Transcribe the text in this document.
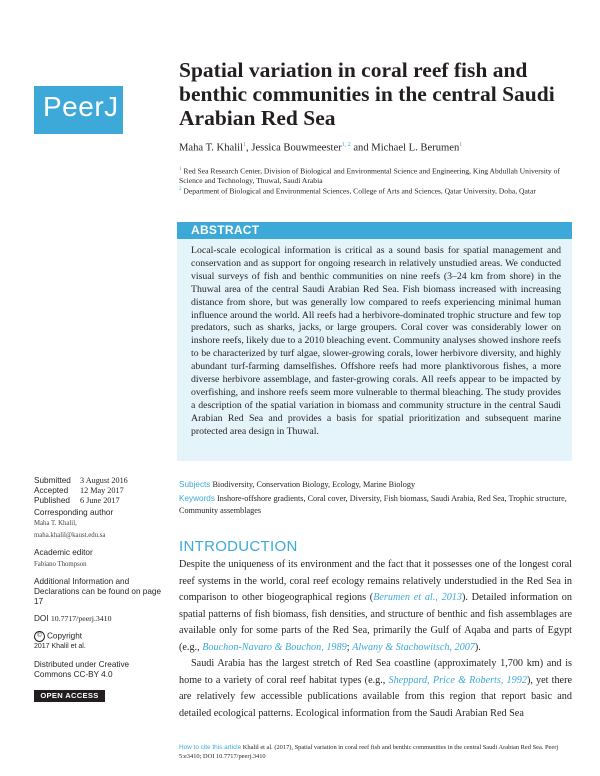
PeerJ
Spatial variation in coral reef fish and benthic communities in the central Saudi Arabian Red Sea
Maha T. Khalil$^1$, Jessica Bouwmeester$^{1, 2}$ and Michael L. Berumen$^1$
$^1$ Red Sea Research Center, Division of Biological and Environmental Science and Engineering, King Abdullah University of Science and Technology, Thuwal, Saudi Arabia
$^2$ Department of Biological and Environmental Sciences, College of Arts and Sciences, Qatar University, Doha, Qatar
ABSTRACT
Local-scale ecological information is critical as a sound basis for spatial management and conservation and as support for ongoing research in relatively unstudied areas. We conducted visual surveys of fish and benthic communities on nine reefs (3–24 km from shore) in the Thuwal area of the central Saudi Arabian Red Sea. Fish biomass increased with increasing distance from shore, but was generally low compared to reefs experiencing minimal human influence around the world. All reefs had a herbivore-dominated trophic structure and few top predators, such as sharks, jacks, or large groupers. Coral cover was considerably lower on inshore reefs, likely due to a 2010 bleaching event. Community analyses showed inshore reefs to be characterized by turf algae, slower-growing corals, lower herbivore diversity, and highly abundant turf-farming damselfishes. Offshore reefs had more planktivorous fishes, a more diverse herbivore assemblage, and faster-growing corals. All reefs appear to be impacted by overfishing, and inshore reefs seem more vulnerable to thermal bleaching. The study provides a description of the spatial variation in biomass and community structure in the central Saudi Arabian Red Sea and provides a basis for spatial prioritization and subsequent marine protected area design in Thuwal.
Subjects Biodiversity, Conservation Biology, Ecology, Marine Biology
Keywords Inshore-offshore gradients, Coral cover, Diversity, Fish biomass, Saudi Arabia, Red Sea, Trophic structure, Community assemblages
Submitted 3 August 2016
Accepted 12 May 2017
Published 6 June 2017
Corresponding author
Maha T. Khalil,
maha.khalil@kaust.edu.sa
Academic editor
Fabiano Thompson
Additional Information and Declarations can be found on page 17
DOI 10.7717/peerj.3410
© Copyright
2017 Khalil et al.
Distributed under Creative Commons CC-BY 4.0
OPEN ACCESS
INTRODUCTION
Despite the uniqueness of its environment and the fact that it possesses one of the longest coral reef systems in the world, coral reef ecology remains relatively understudied in the Red Sea in comparison to other biogeographical regions (Berumen et al., 2013). Detailed information on spatial patterns of fish biomass, fish densities, and structure of benthic and fish assemblages are available only for some parts of the Red Sea, primarily the Gulf of Aqaba and parts of Egypt (e.g., Bouchon-Navaro & Bouchon, 1989; Alwany & Stachowitsch, 2007).
Saudi Arabia has the largest stretch of Red Sea coastline (approximately 1,700 km) and is home to a variety of coral reef habitat types (e.g., Sheppard, Price & Roberts, 1992), yet there are relatively few accessible publications available from this region that report basic and detailed ecological patterns. Ecological information from the Saudi Arabian Red Sea
How to cite this article Khalil et al. (2017), Spatial variation in coral reef fish and benthic communities in the central Saudi Arabian Red Sea. Peerj 5:e3410; DOI 10.7717/peerj.3410
